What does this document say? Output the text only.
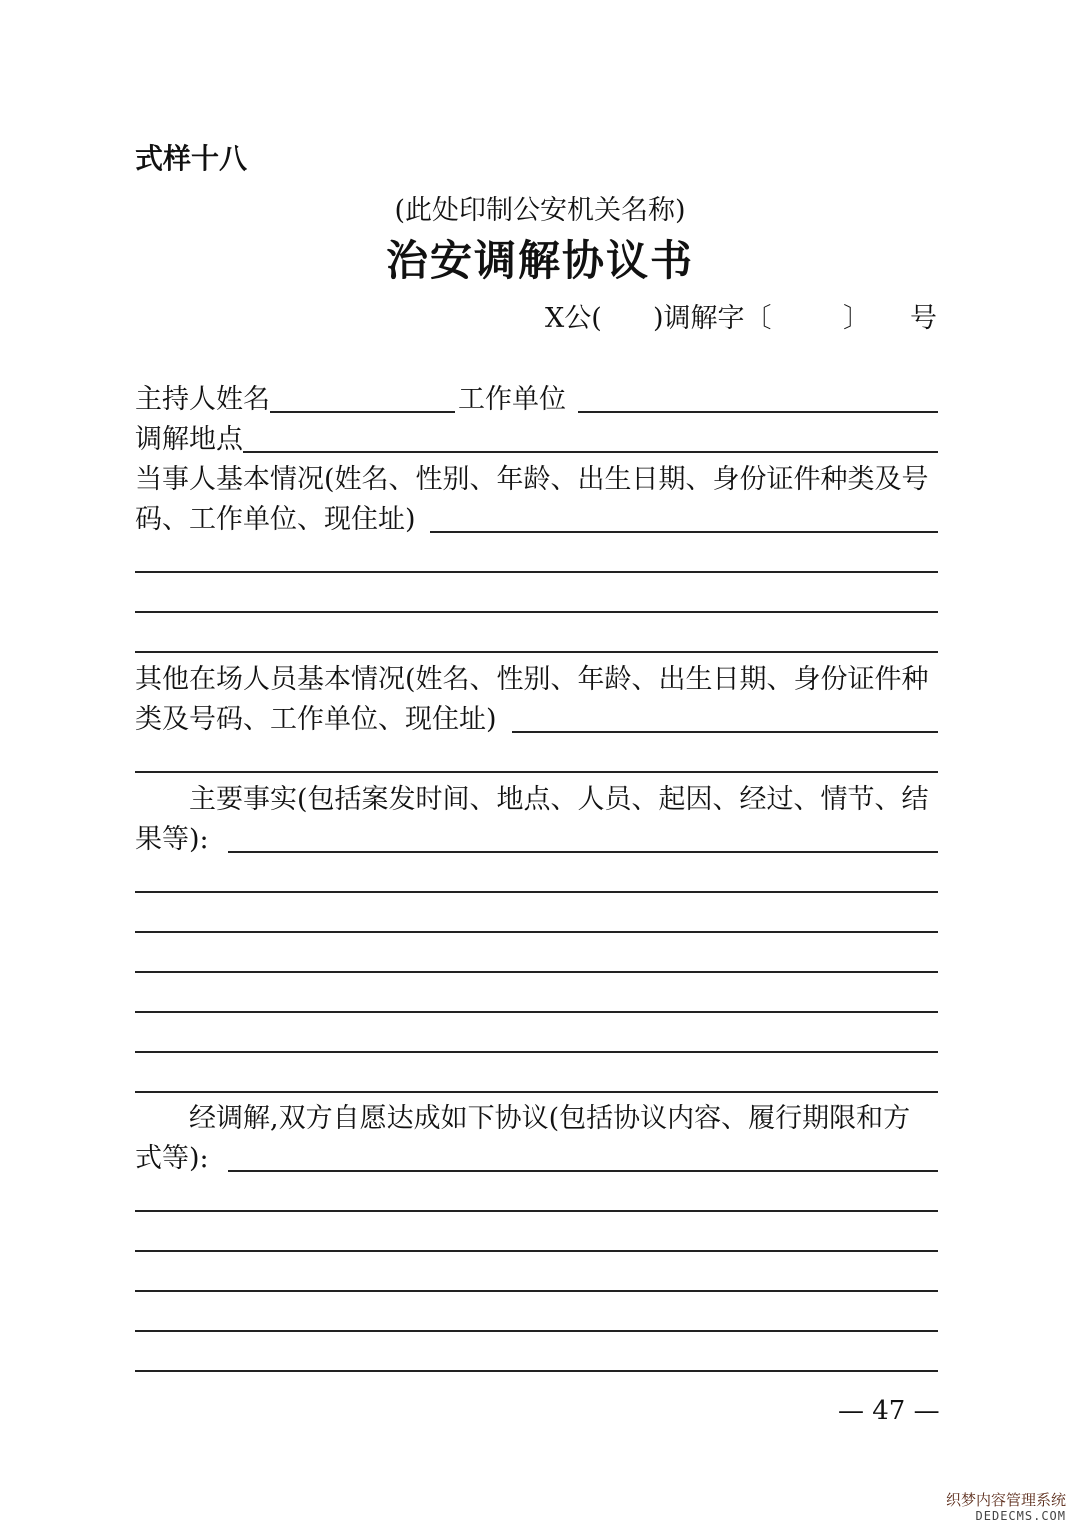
式样十八
(此处印制公安机关名称)
治安调解协议书
X公( )调解字〔	〕 号
主持人姓名	工作单位
调解地点
当事人基本情况(姓名、性别、年龄、出生日期、身份证件种类及号
码、工作单位、现住址)
其他在场人员基本情况(姓名、性别、年龄、出生日期、身份证件种
类及号码、工作单位、现住址)
主要事实(包括案发时间、地点、人员、起因、经过、情节、结
果等):
经调解,双方自愿达成如下协议(包括协议内容、履行期限和方
式等):
— 47 —
织梦内容管理系统
DEDECMS.COM
